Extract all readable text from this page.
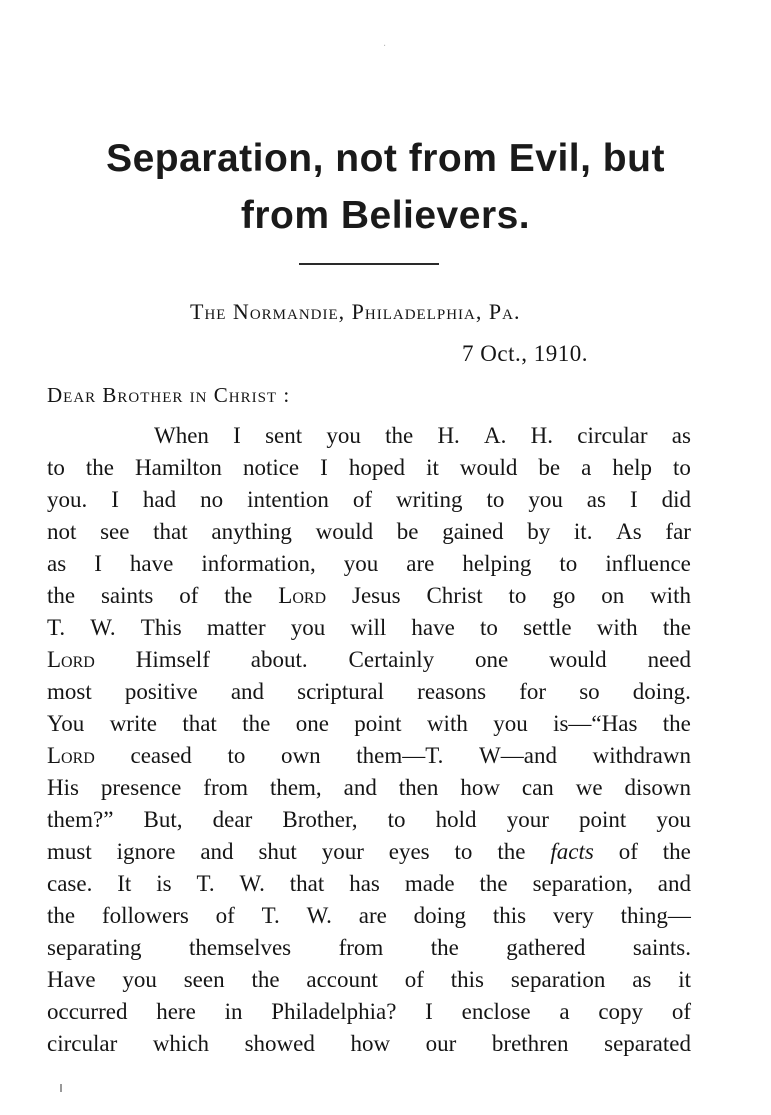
·
Separation, not from Evil, but
from Believers.
The Normandie, Philadelphia, Pa.
7 Oct., 1910.
Dear Brother in Christ :
When I sent you the H. A. H. circular as
to the Hamilton notice I hoped it would be a help to
you. I had no intention of writing to you as I did
not see that anything would be gained by it. As far
as I have information, you are helping to influence
the saints of the Lord Jesus Christ to go on with
T. W. This matter you will have to settle with the
Lord Himself about. Certainly one would need
most positive and scriptural reasons for so doing.
You write that the one point with you is—“Has the
Lord ceased to own them—T. W—and withdrawn
His presence from them, and then how can we disown
them?” But, dear Brother, to hold your point you
must ignore and shut your eyes to the facts of the
case. It is T. W. that has made the separation, and
the followers of T. W. are doing this very thing—
separating themselves from the gathered saints.
Have you seen the account of this separation as it
occurred here in Philadelphia? I enclose a copy of
circular which showed how our brethren separated
